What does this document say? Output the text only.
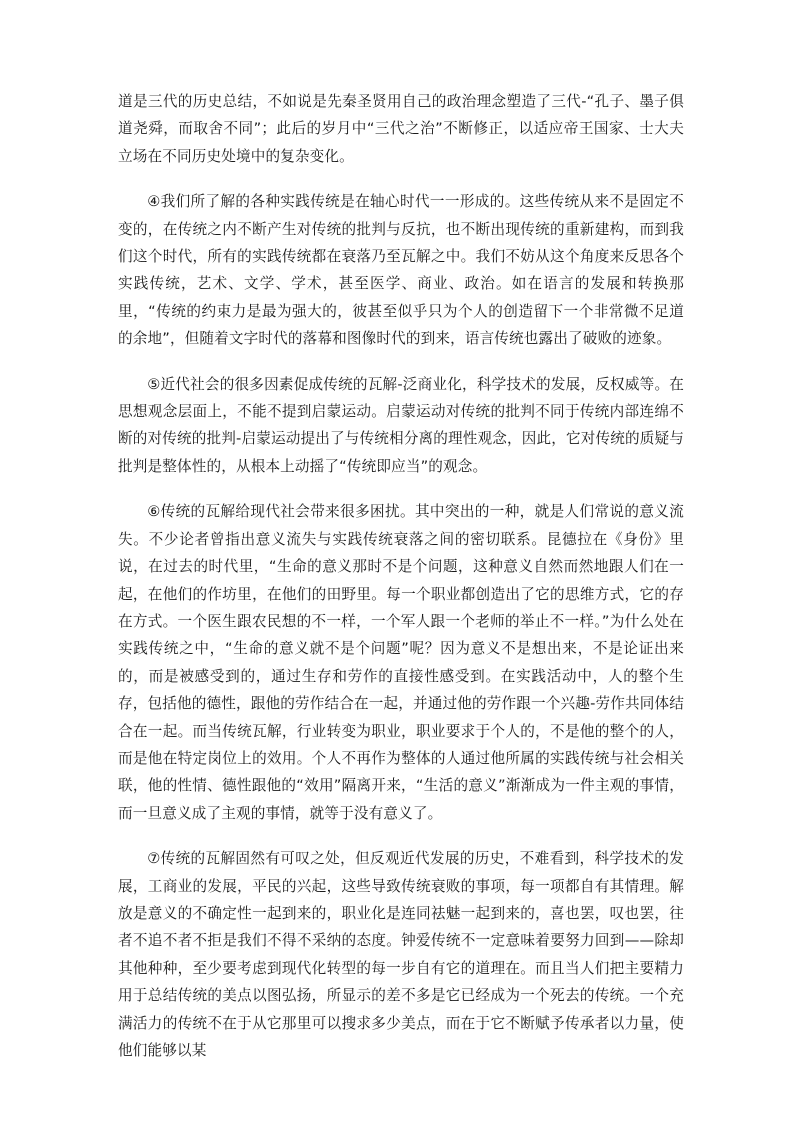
道是三代的历史总结，不如说是先秦圣贤用自己的政治理念塑造了三代-“孔子、墨子俱道尧舜，而取舍不同”；此后的岁月中“三代之治”不断修正，以适应帝王国家、士大夫立场在不同历史处境中的复杂变化。

④我们所了解的各种实践传统是在轴心时代一一形成的。这些传统从来不是固定不变的，在传统之内不断产生对传统的批判与反抗，也不断出现传统的重新建构，而到我们这个时代，所有的实践传统都在衰落乃至瓦解之中。我们不妨从这个角度来反思各个实践传统，艺术、文学、学术，甚至医学、商业、政治。如在语言的发展和转换那里，“传统的约束力是最为强大的，彼甚至似乎只为个人的创造留下一个非常微不足道的余地”，但随着文字时代的落幕和图像时代的到来，语言传统也露出了破败的迹象。

⑤近代社会的很多因素促成传统的瓦解-泛商业化，科学技术的发展，反权威等。在思想观念层面上，不能不提到启蒙运动。启蒙运动对传统的批判不同于传统内部连绵不断的对传统的批判-启蒙运动提出了与传统相分离的理性观念，因此，它对传统的质疑与批判是整体性的，从根本上动摇了“传统即应当”的观念。

⑥传统的瓦解给现代社会带来很多困扰。其中突出的一种，就是人们常说的意义流失。不少论者曾指出意义流失与实践传统衰落之间的密切联系。昆德拉在《身份》里说，在过去的时代里，“生命的意义那时不是个问题，这种意义自然而然地跟人们在一起，在他们的作坊里，在他们的田野里。每一个职业都创造出了它的思维方式，它的存在方式。一个医生跟农民想的不一样，一个军人跟一个老师的举止不一样。”为什么处在实践传统之中，“生命的意义就不是个问题”呢？因为意义不是想出来，不是论证出来的，而是被感受到的，通过生存和劳作的直接性感受到。在实践活动中，人的整个生存，包括他的德性，跟他的劳作结合在一起，并通过他的劳作跟一个兴趣-劳作共同体结合在一起。而当传统瓦解，行业转变为职业，职业要求于个人的，不是他的整个的人，而是他在特定岗位上的效用。个人不再作为整体的人通过他所属的实践传统与社会相关联，他的性情、德性跟他的“效用”隔离开来，“生活的意义”渐渐成为一件主观的事情，而一旦意义成了主观的事情，就等于没有意义了。

⑦传统的瓦解固然有可叹之处，但反观近代发展的历史，不难看到，科学技术的发展，工商业的发展，平民的兴起，这些导致传统衰败的事项，每一项都自有其情理。解放是意义的不确定性一起到来的，职业化是连同祛魅一起到来的，喜也罢，叹也罢，往者不追不者不拒是我们不得不采纳的态度。钟爱传统不一定意味着要努力回到——除却其他种种，至少要考虑到现代化转型的每一步自有它的道理在。而且当人们把主要精力用于总结传统的美点以图弘扬，所显示的差不多是它已经成为一个死去的传统。一个充满活力的传统不在于从它那里可以搜求多少美点，而在于它不断赋予传承者以力量，使他们能够以某
